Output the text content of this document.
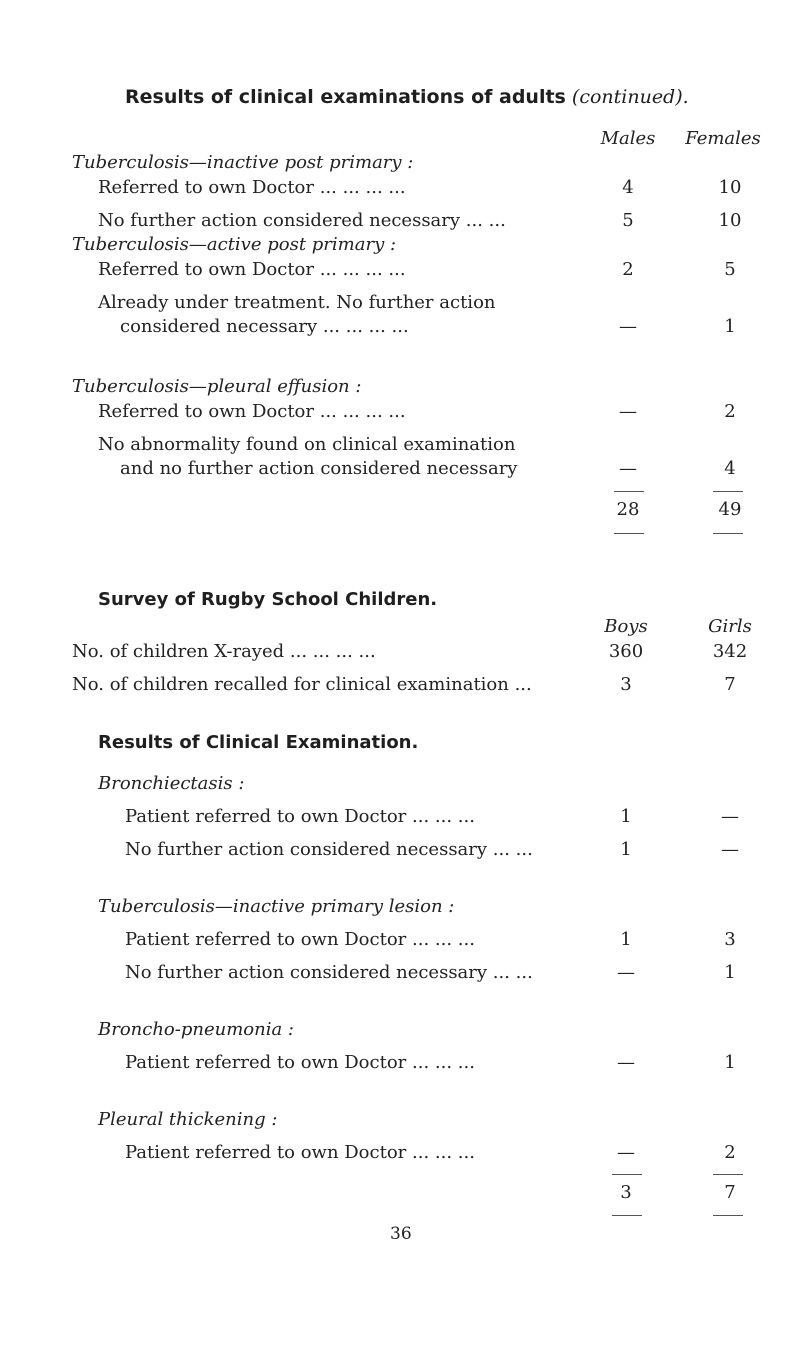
Results of clinical examinations of adults (continued).
Males	Females
Tuberculosis—inactive post primary :
Referred to own Doctor ... ... ... ...	4	10
No further action considered necessary ... ...	5	10
Tuberculosis—active post primary :
Referred to own Doctor ... ... ... ...	2	5
Already under treatment. No further action
considered necessary ... ... ... ...	—	1
Tuberculosis—pleural effusion :
Referred to own Doctor ... ... ... ...	—	2
No abnormality found on clinical examination
and no further action considered necessary	—	4
28	49
Survey of Rugby School Children.
Boys	Girls
No. of children X-rayed ... ... ... ...	360	342
No. of children recalled for clinical examination ...	3	7
Results of Clinical Examination.
Bronchiectasis :
Patient referred to own Doctor ... ... ...	1	—
No further action considered necessary ... ...	1	—
Tuberculosis—inactive primary lesion :
Patient referred to own Doctor ... ... ...	1	3
No further action considered necessary ... ...	—	1
Broncho-pneumonia :
Patient referred to own Doctor ... ... ...	—	1
Pleural thickening :
Patient referred to own Doctor ... ... ...	—	2
3	7
36
